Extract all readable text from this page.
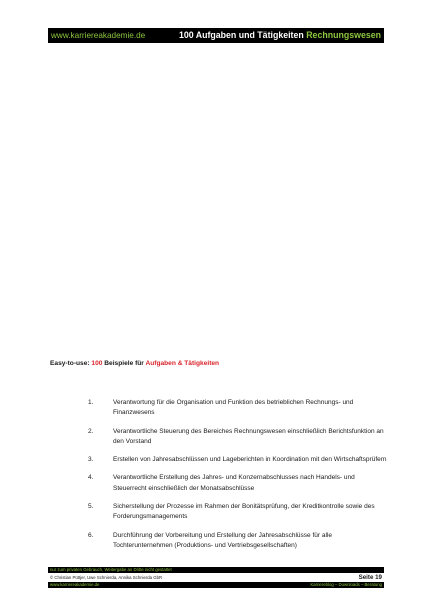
www.karriereakademie.de	100 Aufgaben und Tätigkeiten Rechnungswesen
Easy-to-use: 100 Beispiele für Aufgaben & Tätigkeiten
1.	Verantwortung für die Organisation und Funktion des betrieblichen Rechnungs- und Finanzwesens
2.	Verantwortliche Steuerung des Bereiches Rechnungswesen einschließlich Berichtsfunktion an den Vorstand
3.	Erstellen von Jahresabschlüssen und Lageberichten in Koordination mit den Wirtschaftsprüfern
4.	Verantwortliche Erstellung des Jahres- und Konzernabschlusses nach Handels- und Steuerrecht einschließlich der Monatsabschlüsse
5.	Sicherstellung der Prozesse im Rahmen der Bonitätsprüfung, der Kreditkontrolle sowie des Forderungsmanagements
6.	Durchführung der Vorbereitung und Erstellung der Jahresabschlüsse für alle Tochterunternehmen (Produktions- und Vertriebsgesellschaften)
nur zum privaten Gebrauch, Weitergabe an Dritte nicht gestattet
© Christian Püttjer, Uwe Schnierda, Annika Schnierda GbR	Seite 19
www.karriereakademie.de	Karriereblog – Downloads – Beratung
